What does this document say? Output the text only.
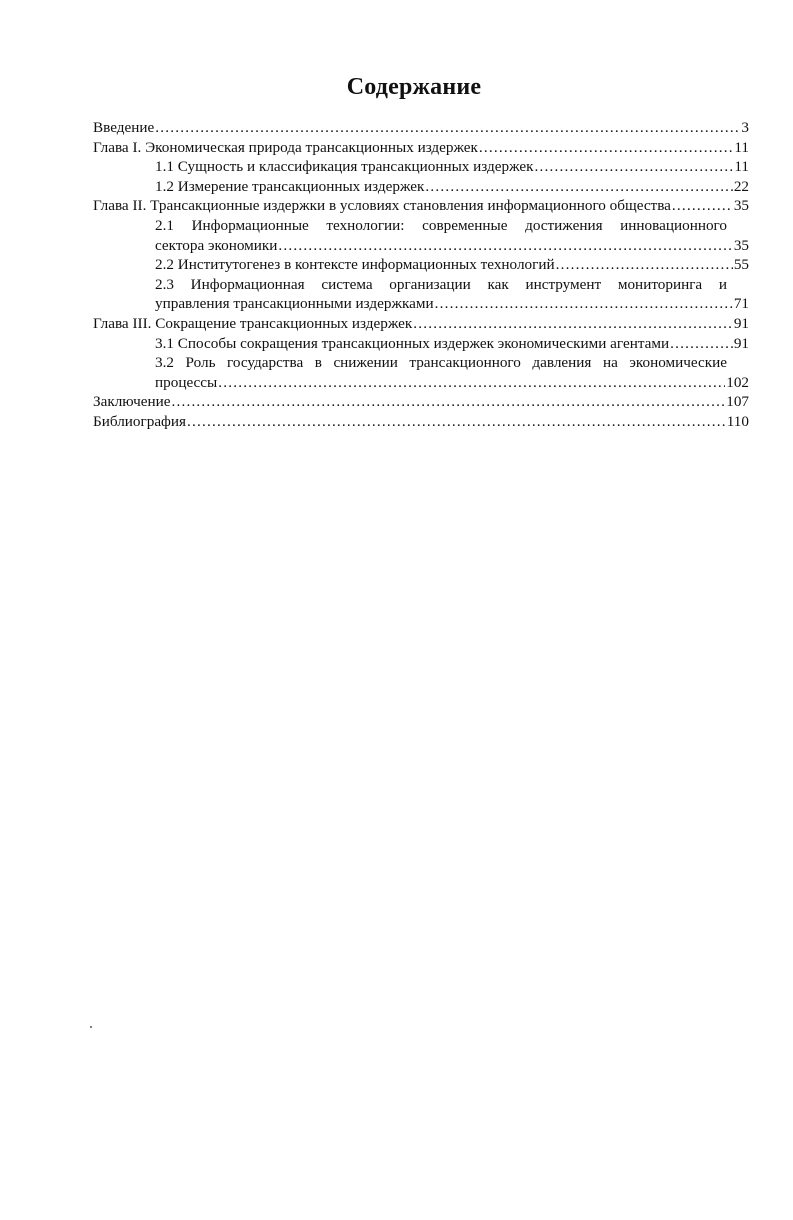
Содержание
Введение .....	3
Глава I. Экономическая природа трансакционных издержек .....	11
1.1 Сущность и классификация трансакционных издержек .....	11
1.2 Измерение трансакционных издержек .....	22
Глава II. Трансакционные издержки в условиях становления информационного общества .....	35
2.1 Информационные технологии: современные достижения инновационного
сектора экономики .....	35
2.2 Институтогенез в контексте информационных технологий .....	55
2.3 Информационная система организации как инструмент мониторинга и
управления трансакционными издержками .....	71
Глава III. Сокращение трансакционных издержек .....	91
3.1 Способы сокращения трансакционных издержек экономическими агентами .....	91
3.2 Роль государства в снижении трансакционного давления на экономические
процессы .....	102
Заключение .....	107
Библиография .....	110
